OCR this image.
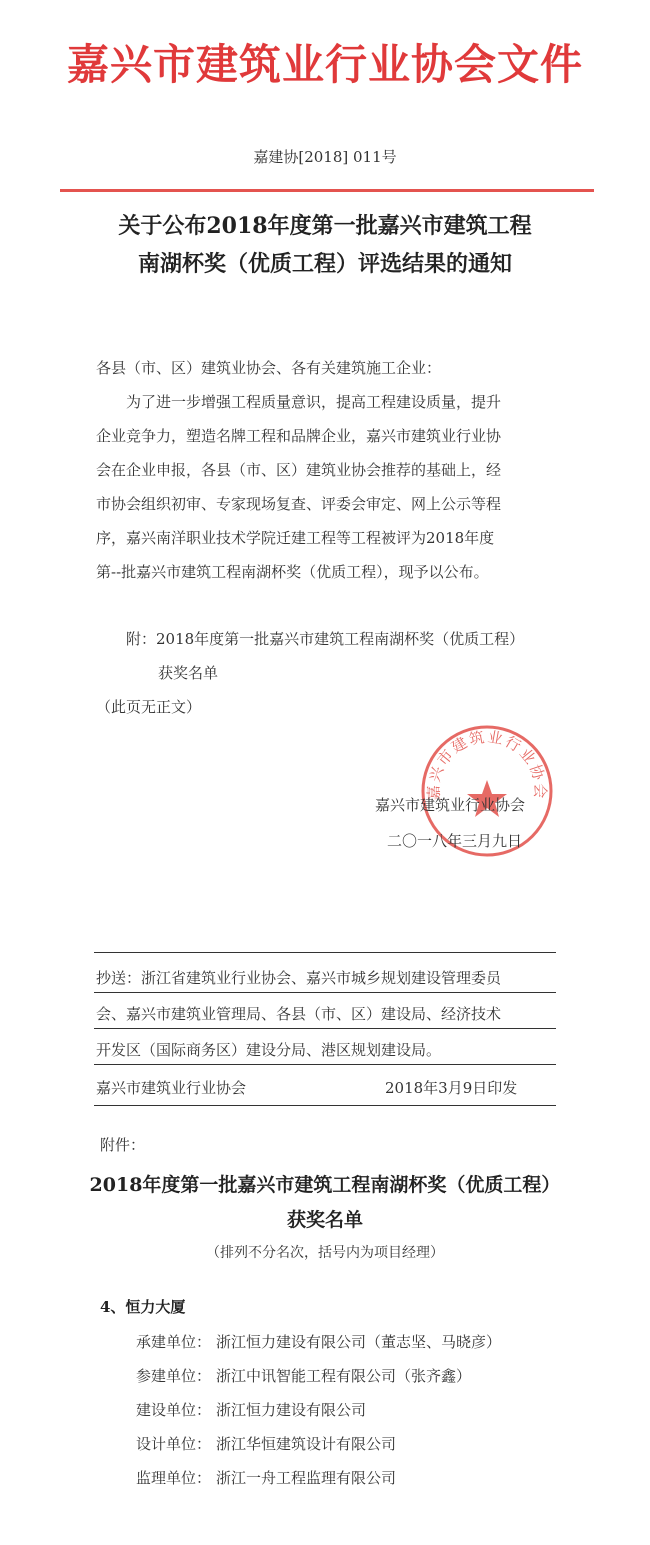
嘉兴市建筑业行业协会文件
嘉建协[2018] 011号
关于公布2018年度第一批嘉兴市建筑工程
南湖杯奖（优质工程）评选结果的通知
各县（市、区）建筑业协会、各有关建筑施工企业：
为了进一步增强工程质量意识，提高工程建设质量，提升
企业竞争力，塑造名牌工程和品牌企业，嘉兴市建筑业行业协
会在企业申报，各县（市、区）建筑业协会推荐的基础上，经
市协会组织初审、专家现场复查、评委会审定、网上公示等程
序，嘉兴南洋职业技术学院迁建工程等工程被评为2018年度
第--批嘉兴市建筑工程南湖杯奖（优质工程），现予以公布。
附：2018年度第一批嘉兴市建筑工程南湖杯奖（优质工程）
获奖名单
（此页无正文）
嘉兴市建筑业行业协会
嘉兴市建筑业行业协会
二〇一八年三月九日
抄送：浙江省建筑业行业协会、嘉兴市城乡规划建设管理委员
会、嘉兴市建筑业管理局、各县（市、区）建设局、经济技术
开发区（国际商务区）建设分局、港区规划建设局。
嘉兴市建筑业行业协会	2018年3月9日印发
附件：
2018年度第一批嘉兴市建筑工程南湖杯奖（优质工程）
获奖名单
（排列不分名次，括号内为项目经理）
4、恒力大厦
承建单位： 浙江恒力建设有限公司（董志坚、马晓彦）
参建单位： 浙江中讯智能工程有限公司（张齐鑫）
建设单位： 浙江恒力建设有限公司
设计单位： 浙江华恒建筑设计有限公司
监理单位： 浙江一舟工程监理有限公司
